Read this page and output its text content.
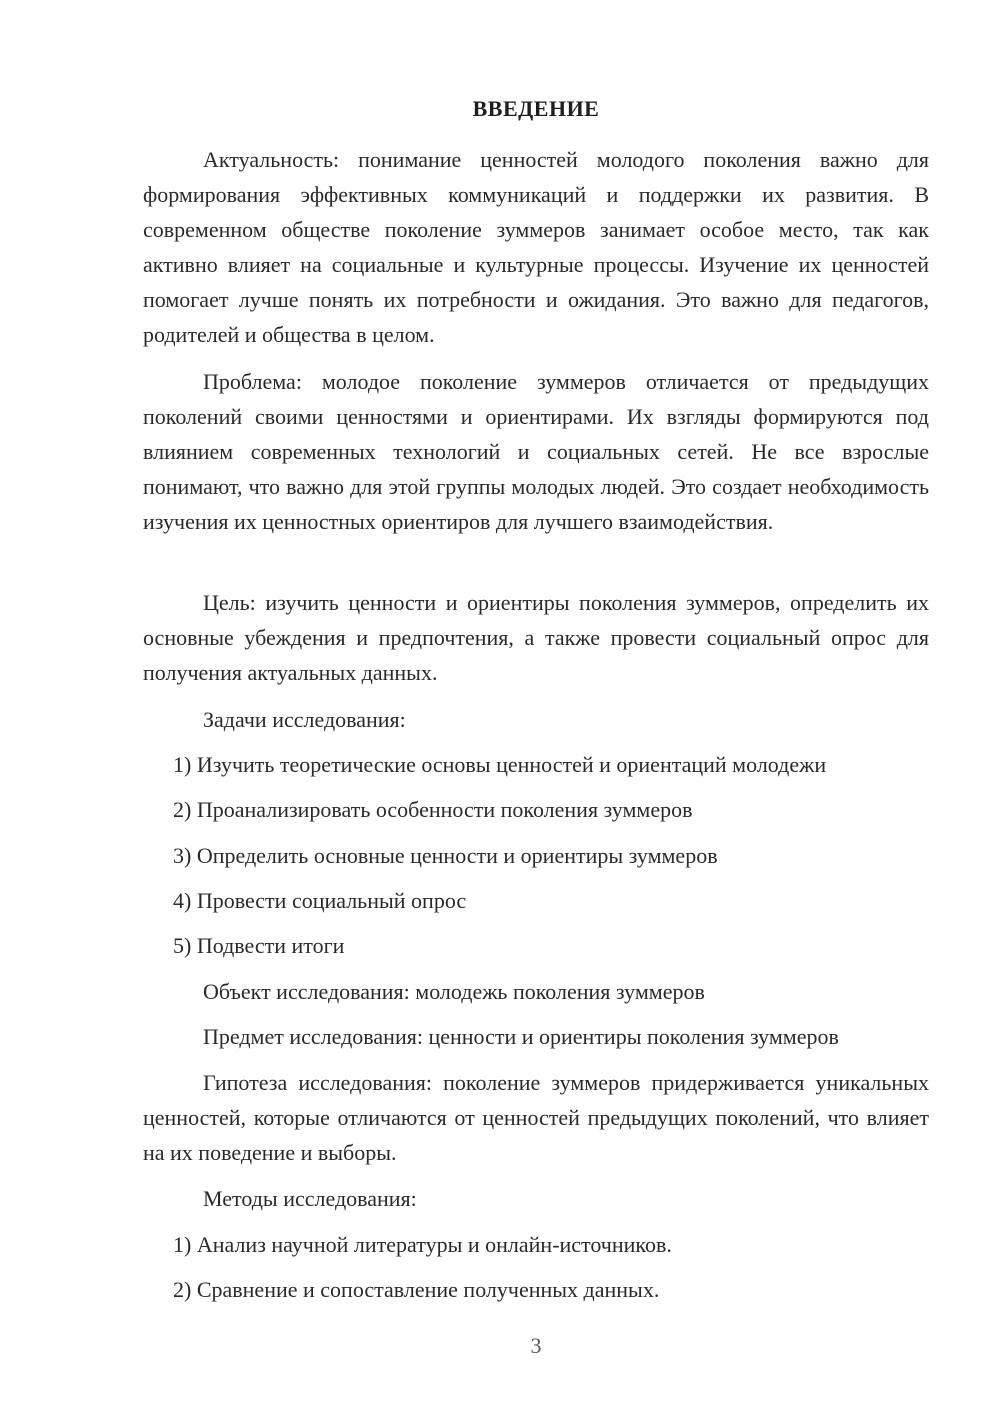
ВВЕДЕНИЕ

Актуальность: понимание ценностей молодого поколения важно для формирования эффективных коммуникаций и поддержки их развития. В современном обществе поколение зуммеров занимает особое место, так как активно влияет на социальные и культурные процессы. Изучение их ценностей помогает лучше понять их потребности и ожидания. Это важно для педагогов, родителей и общества в целом.

Проблема: молодое поколение зуммеров отличается от предыдущих поколений своими ценностями и ориентирами. Их взгляды формируются под влиянием современных технологий и социальных сетей. Не все взрослые понимают, что важно для этой группы молодых людей. Это создает необходимость изучения их ценностных ориентиров для лучшего взаимодействия.

Цель: изучить ценности и ориентиры поколения зуммеров, определить их основные убеждения и предпочтения, а также провести социальный опрос для получения актуальных данных.

Задачи исследования:

1) Изучить теоретические основы ценностей и ориентаций молодежи

2) Проанализировать особенности поколения зуммеров

3) Определить основные ценности и ориентиры зуммеров

4) Провести социальный опрос

5) Подвести итоги

Объект исследования: молодежь поколения зуммеров

Предмет исследования: ценности и ориентиры поколения зуммеров

Гипотеза исследования: поколение зуммеров придерживается уникальных ценностей, которые отличаются от ценностей предыдущих поколений, что влияет на их поведение и выборы.

Методы исследования:

1) Анализ научной литературы и онлайн-источников.

2) Сравнение и сопоставление полученных данных.

3
